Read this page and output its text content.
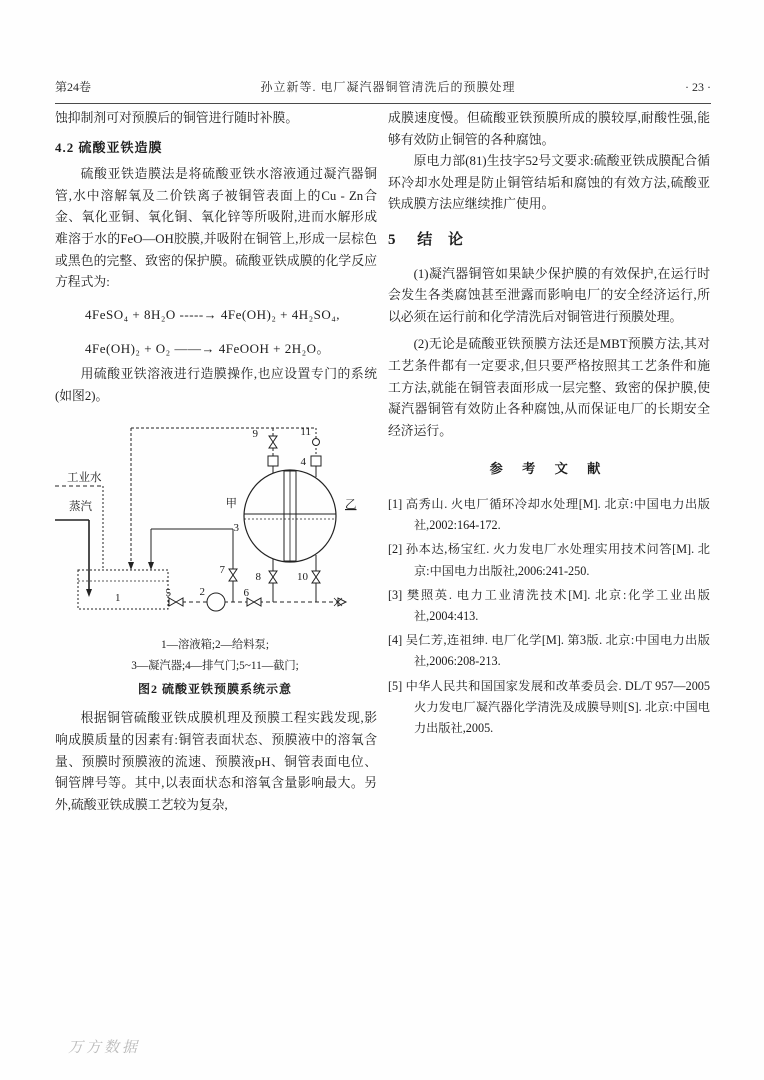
第24卷	孙立新等. 电厂凝汽器铜管清洗后的预膜处理	· 23 ·

蚀抑制剂可对预膜后的铜管进行随时补膜。

4.2 硫酸亚铁造膜

硫酸亚铁造膜法是将硫酸亚铁水溶液通过凝汽器铜管,水中溶解氧及二价铁离子被铜管表面上的Cu - Zn合金、氧化亚铜、氧化铜、氧化锌等所吸附,进而水解形成难溶于水的FeO—OH胶膜,并吸附在铜管上,形成一层棕色或黑色的完整、致密的保护膜。硫酸亚铁成膜的化学反应方程式为:

4FeSO₄ + 8H₂O -----→ 4Fe(OH)₂ + 4H₂SO₄,

4Fe(OH)₂ + O₂ ——→ 4FeOOH + 2H₂O。

用硫酸亚铁溶液进行造膜操作,也应设置专门的系统(如图2)。

9	11
4
甲	乙
3
8	10
7
工业水
蒸汽
1	5	2	6
1—溶液箱;2—给料泵;
3—凝汽器;4—排气门;5~11—截门;
图2 硫酸亚铁预膜系统示意

根据铜管硫酸亚铁成膜机理及预膜工程实践发现,影响成膜质量的因素有:铜管表面状态、预膜液中的溶氧含量、预膜时预膜液的流速、预膜液pH、铜管表面电位、铜管牌号等。其中,以表面状态和溶氧含量影响最大。另外,硫酸亚铁成膜工艺较为复杂,

成膜速度慢。但硫酸亚铁预膜所成的膜较厚,耐酸性强,能够有效防止铜管的各种腐蚀。

原电力部(81)生技字52号文要求:硫酸亚铁成膜配合循环冷却水处理是防止铜管结垢和腐蚀的有效方法,硫酸亚铁成膜方法应继续推广使用。

5 结 论

(1)凝汽器铜管如果缺少保护膜的有效保护,在运行时会发生各类腐蚀甚至泄露而影响电厂的安全经济运行,所以必须在运行前和化学清洗后对铜管进行预膜处理。

(2)无论是硫酸亚铁预膜方法还是MBT预膜方法,其对工艺条件都有一定要求,但只要严格按照其工艺条件和施工方法,就能在铜管表面形成一层完整、致密的保护膜,使凝汽器铜管有效防止各种腐蚀,从而保证电厂的长期安全经济运行。

参 考 文 献
[1] 高秀山. 火电厂循环冷却水处理[M]. 北京:中国电力出版社,2002:164-172.
[2] 孙本达,杨宝红. 火力发电厂水处理实用技术问答[M]. 北京:中国电力出版社,2006:241-250.
[3] 樊照英. 电力工业清洗技术[M]. 北京:化学工业出版社,2004:413.
[4] 吴仁芳,连祖绅. 电厂化学[M]. 第3版. 北京:中国电力出版社,2006:208-213.
[5] 中华人民共和国国家发展和改革委员会. DL/T 957—2005 火力发电厂凝汽器化学清洗及成膜导则[S]. 北京:中国电力出版社,2005.
万方数据
